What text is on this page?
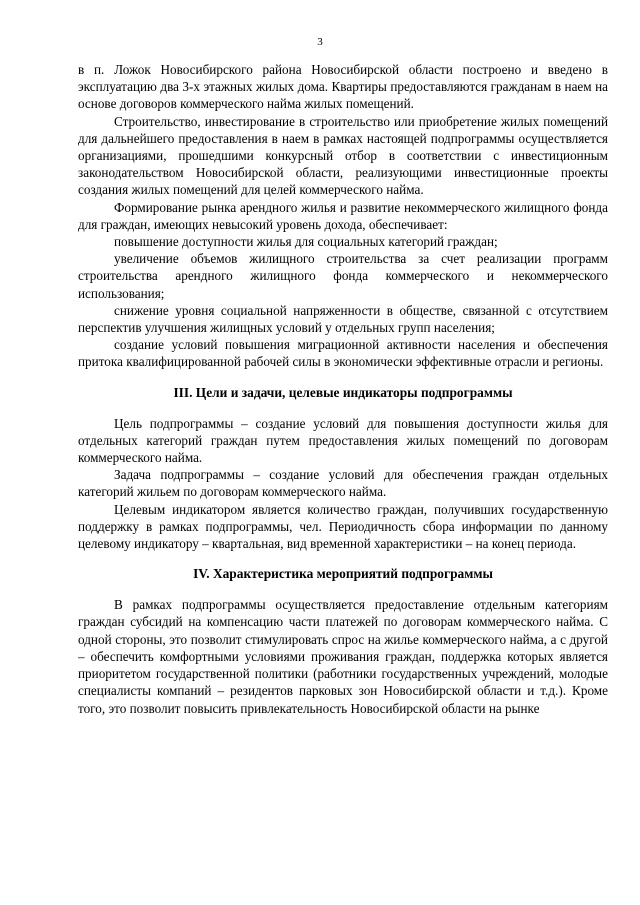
3

в п. Ложок Новосибирского района Новосибирской области построено и введено в эксплуатацию два 3-х этажных жилых дома. Квартиры предоставляются гражданам в наем на основе договоров коммерческого найма жилых помещений.

Строительство, инвестирование в строительство или приобретение жилых помещений для дальнейшего предоставления в наем в рамках настоящей подпрограммы осуществляется организациями, прошедшими конкурсный отбор в соответствии с инвестиционным законодательством Новосибирской области, реализующими инвестиционные проекты создания жилых помещений для целей коммерческого найма.

Формирование рынка арендного жилья и развитие некоммерческого жилищного фонда для граждан, имеющих невысокий уровень дохода, обеспечивает:

повышение доступности жилья для социальных категорий граждан;

увеличение объемов жилищного строительства за счет реализации программ строительства арендного жилищного фонда коммерческого и некоммерческого использования;

снижение уровня социальной напряженности в обществе, связанной с отсутствием перспектив улучшения жилищных условий у отдельных групп населения;

создание условий повышения миграционной активности населения и обеспечения притока квалифицированной рабочей силы в экономически эффективные отрасли и регионы.

III. Цели и задачи, целевые индикаторы подпрограммы

Цель подпрограммы – создание условий для повышения доступности жилья для отдельных категорий граждан путем предоставления жилых помещений по договорам коммерческого найма.

Задача подпрограммы – создание условий для обеспечения граждан отдельных категорий жильем по договорам коммерческого найма.

Целевым индикатором является количество граждан, получивших государственную поддержку в рамках подпрограммы, чел. Периодичность сбора информации по данному целевому индикатору – квартальная, вид временной характеристики – на конец периода.

IV. Характеристика мероприятий подпрограммы

В рамках подпрограммы осуществляется предоставление отдельным категориям граждан субсидий на компенсацию части платежей по договорам коммерческого найма. С одной стороны, это позволит стимулировать спрос на жилье коммерческого найма, а с другой – обеспечить комфортными условиями проживания граждан, поддержка которых является приоритетом государственной политики (работники государственных учреждений, молодые специалисты компаний – резидентов парковых зон Новосибирской области и т.д.). Кроме того, это позволит повысить привлекательность Новосибирской области на рынке
